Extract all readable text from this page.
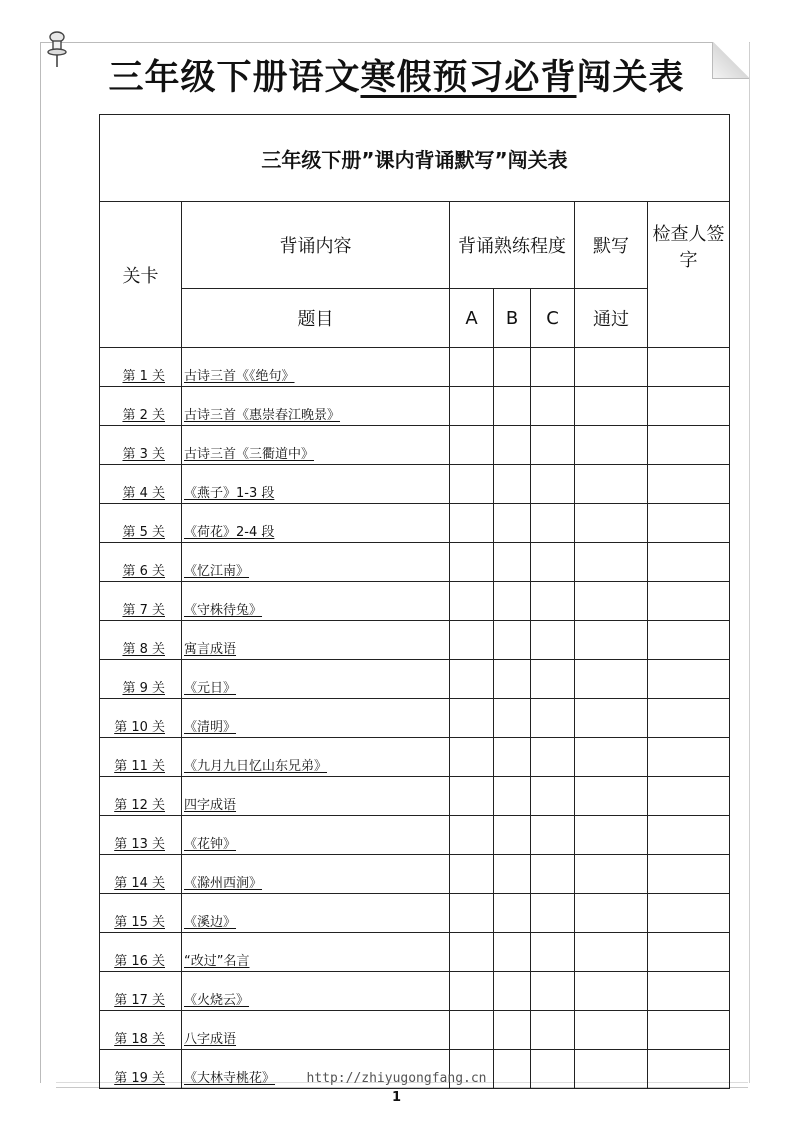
三年级下册语文寒假预习必背闯关表
三年级下册”课内背诵默写”闯关表						
关卡	背诵内容	背诵熟练程度			默写	检查人签字
	题目	A	B	C	通过	
第 1 关	古诗三首《《绝句》					
第 2 关	古诗三首《惠崇春江晚景》					
第 3 关	古诗三首《三衢道中》					
第 4 关	《燕子》1-3 段					
第 5 关	《荷花》2-4 段					
第 6 关	《忆江南》					
第 7 关	《守株待兔》					
第 8 关	寓言成语					
第 9 关	《元日》					
第 10 关	《清明》					
第 11 关	《九月九日忆山东兄弟》					
第 12 关	四字成语					
第 13 关	《花钟》					
第 14 关	《滁州西涧》					
第 15 关	《溪边》					
第 16 关	“改过”名言					
第 17 关	《火烧云》					
第 18 关	八字成语					
第 19 关	《大林寺桃花》						http://zhiyugongfang.cn
1
